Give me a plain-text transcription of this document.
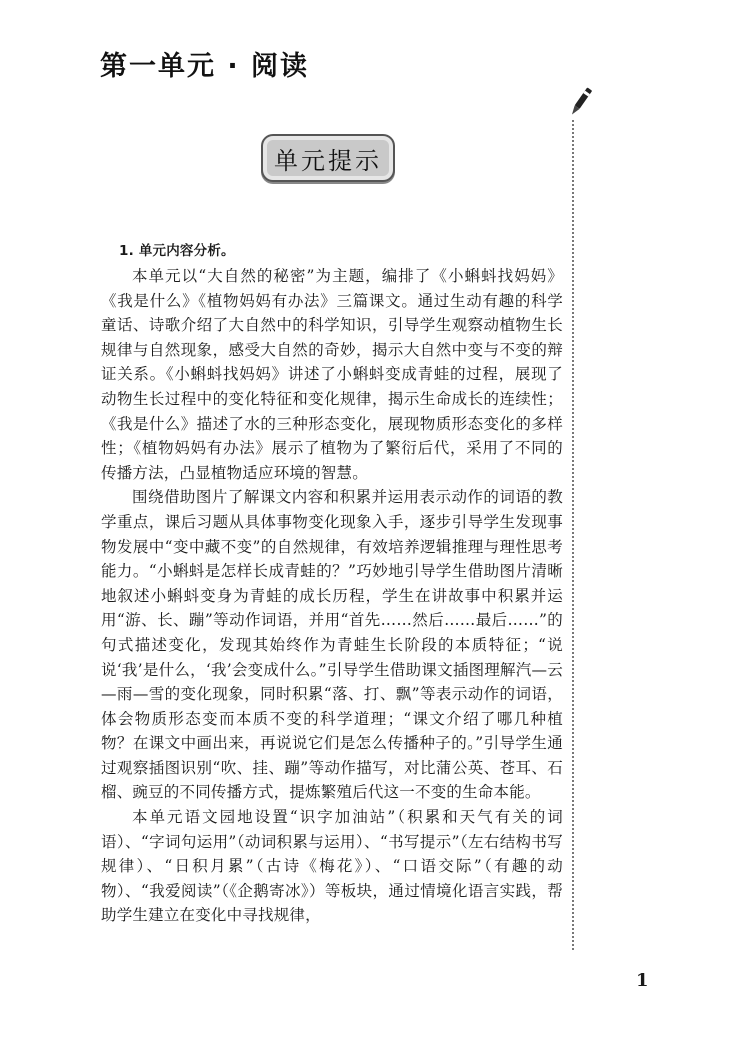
第一单元 · 阅读
单元提示
1. 单元内容分析。

本单元以“大自然的秘密”为主题，编排了《小蝌蚪找妈妈》《我是什么》《植物妈妈有办法》三篇课文。通过生动有趣的科学童话、诗歌介绍了大自然中的科学知识，引导学生观察动植物生长规律与自然现象，感受大自然的奇妙，揭示大自然中变与不变的辩证关系。《小蝌蚪找妈妈》讲述了小蝌蚪变成青蛙的过程，展现了动物生长过程中的变化特征和变化规律，揭示生命成长的连续性；《我是什么》描述了水的三种形态变化，展现物质形态变化的多样性；《植物妈妈有办法》展示了植物为了繁衍后代，采用了不同的传播方法，凸显植物适应环境的智慧。

围绕借助图片了解课文内容和积累并运用表示动作的词语的教学重点，课后习题从具体事物变化现象入手，逐步引导学生发现事物发展中“变中藏不变”的自然规律，有效培养逻辑推理与理性思考能力。“小蝌蚪是怎样长成青蛙的？”巧妙地引导学生借助图片清晰地叙述小蝌蚪变身为青蛙的成长历程，学生在讲故事中积累并运用“游、长、蹦”等动作词语，并用“首先……然后……最后……”的句式描述变化，发现其始终作为青蛙生长阶段的本质特征；“说说‘我’是什么，‘我’会变成什么。”引导学生借助课文插图理解汽—云—雨—雪的变化现象，同时积累“落、打、飘”等表示动作的词语，体会物质形态变而本质不变的科学道理；“课文介绍了哪几种植物？在课文中画出来，再说说它们是怎么传播种子的。”引导学生通过观察插图识别“吹、挂、蹦”等动作描写，对比蒲公英、苍耳、石榴、豌豆的不同传播方式，提炼繁殖后代这一不变的生命本能。

本单元语文园地设置“识字加油站”（积累和天气有关的词语）、“字词句运用”（动词积累与运用）、“书写提示”（左右结构书写规律）、“日积月累”（古诗《梅花》）、“口语交际”（有趣的动物）、“我爱阅读”（《企鹅寄冰》）等板块，通过情境化语言实践，帮助学生建立在变化中寻找规律，

1
